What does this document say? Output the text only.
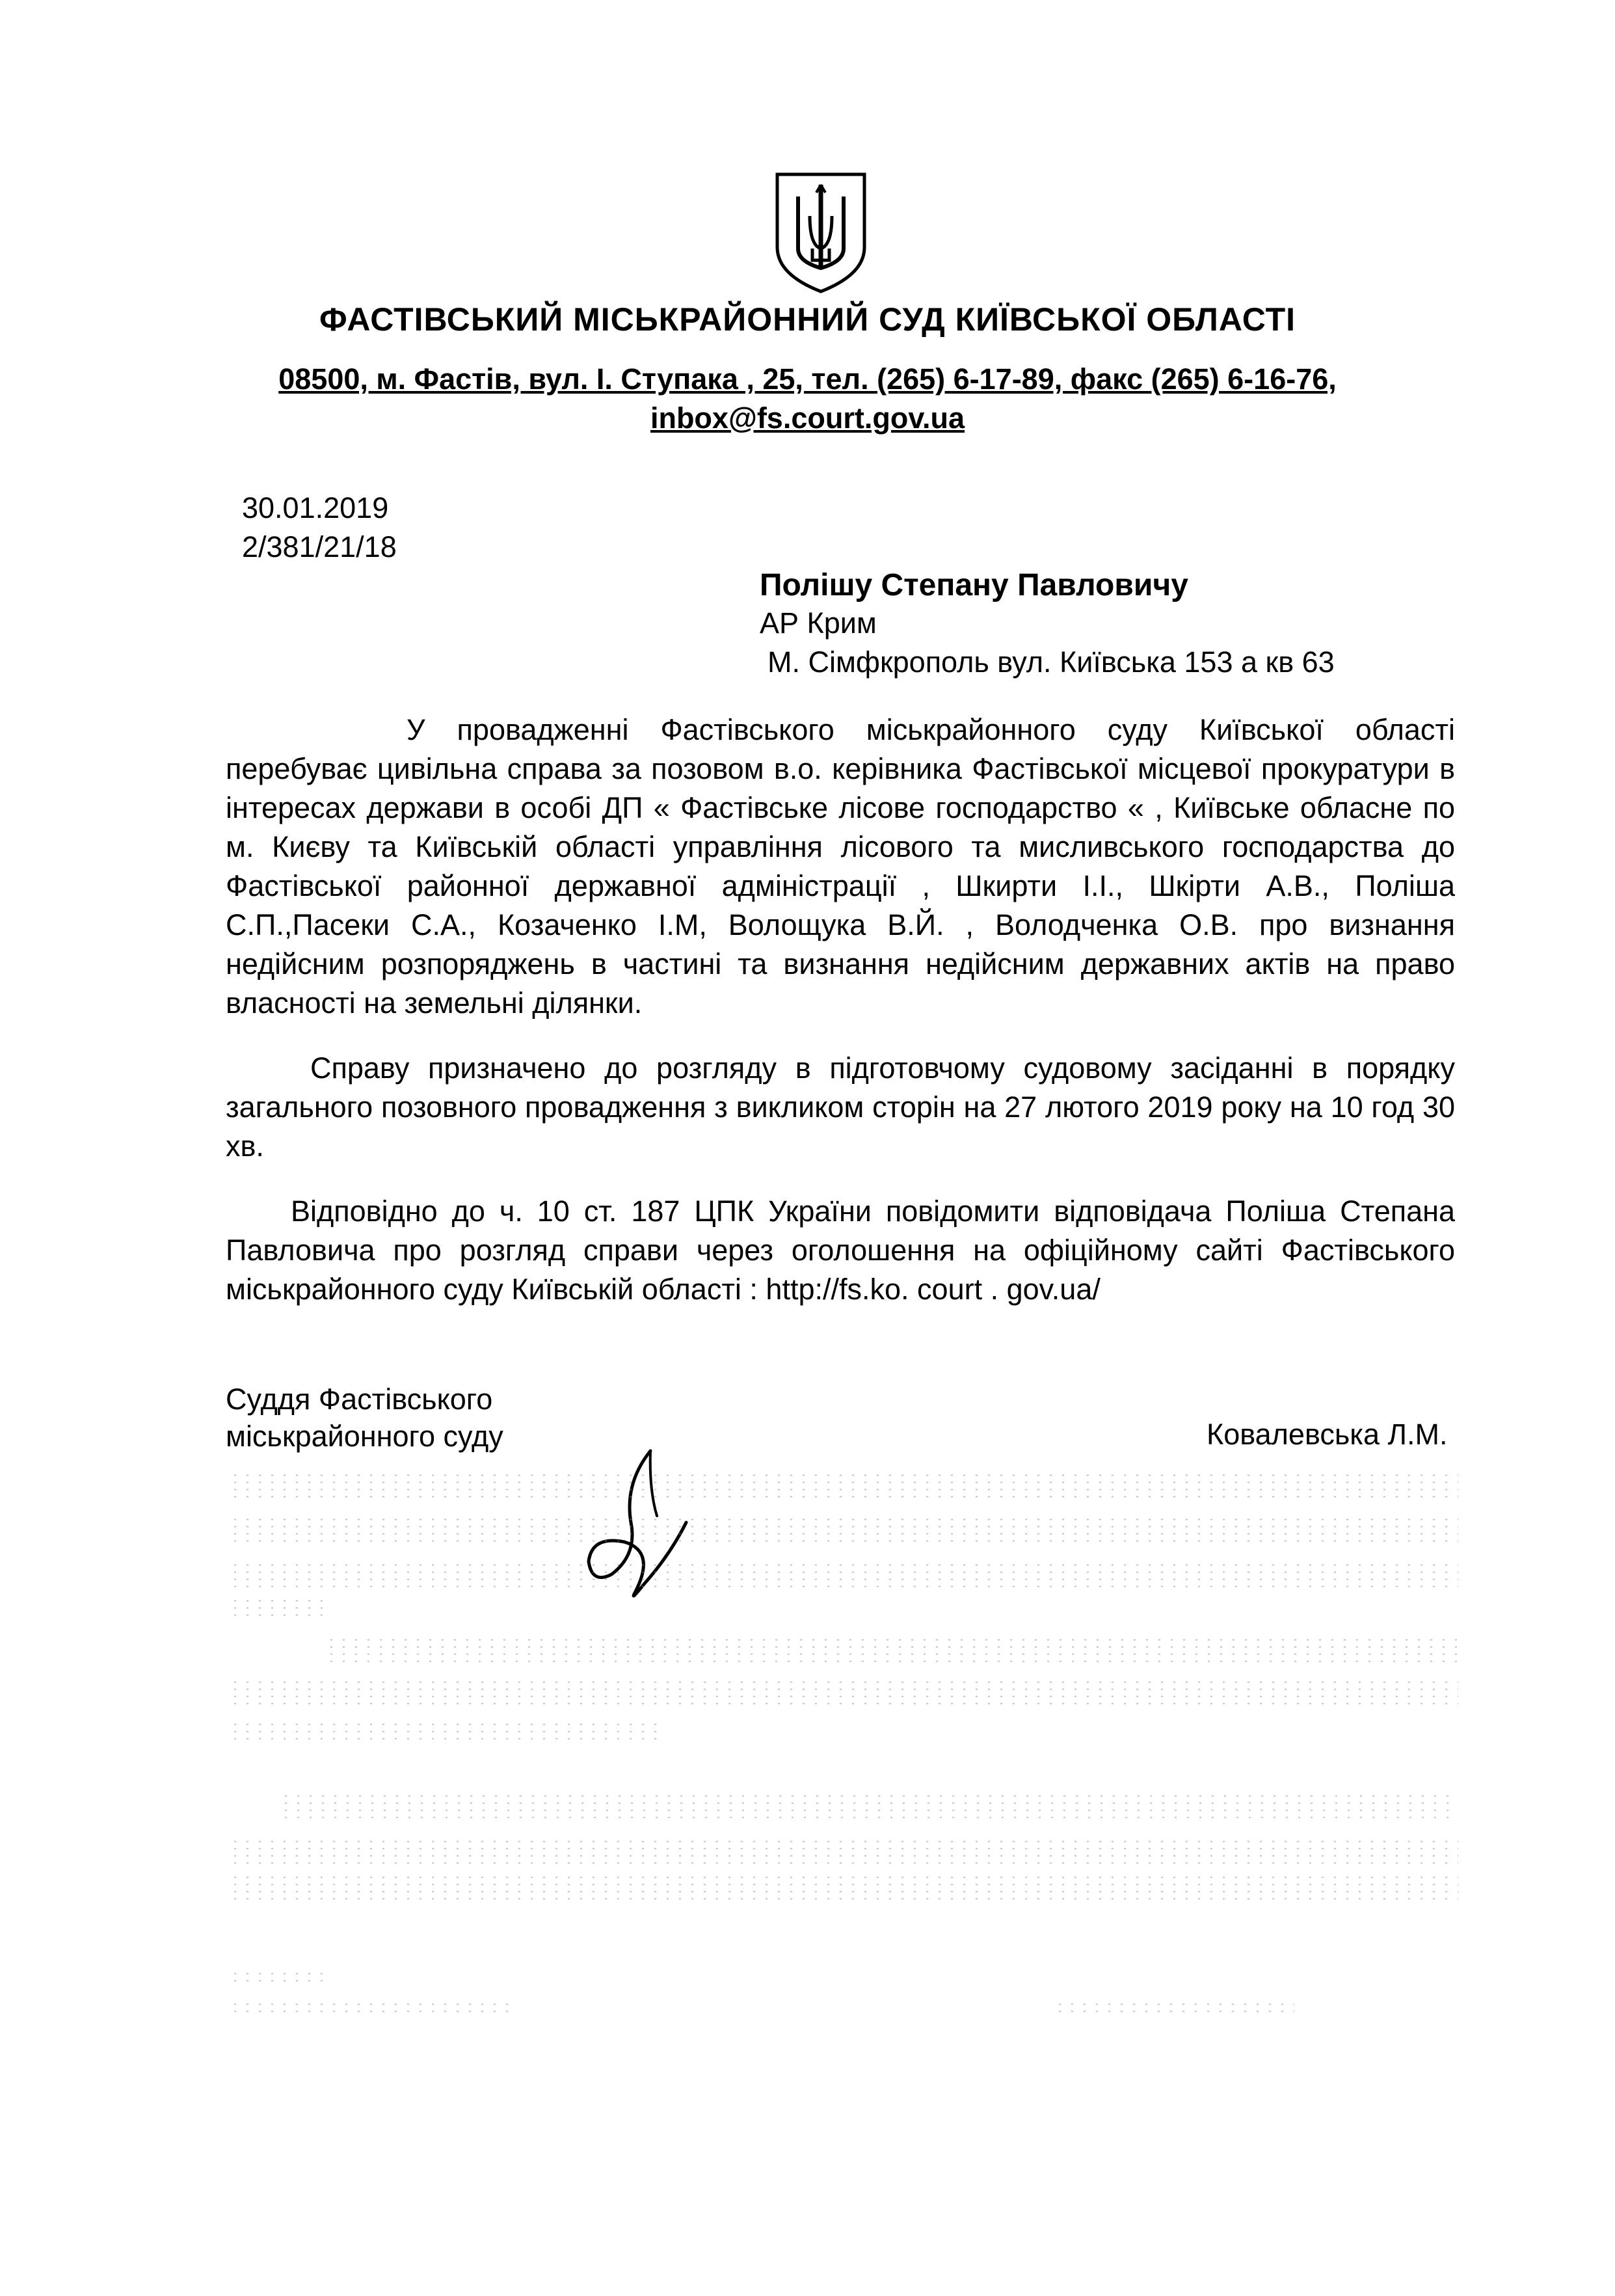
ФАСТІВСЬКИЙ МІСЬКРАЙОННИЙ СУД КИЇВСЬКОЇ ОБЛАСТІ
08500, м. Фастів, вул. І. Ступака , 25, тел. (265) 6-17-89, факс (265) 6-16-76,
inbox@fs.court.gov.ua
30.01.2019
2/381/21/18
Полішу Степану Павловичу
АР Крим
М. Сімфкрополь вул. Київська 153 а кв 63
У провадженні Фастівського міськрайонного суду Київської області перебуває цивільна справа за позовом в.о. керівника Фастівської місцевої прокуратури в інтересах держави в особі ДП « Фастівське лісове господарство « , Київське обласне по м. Києву та Київській області управління лісового та мисливського господарства до Фастівської районної державної адміністрації , Шкирти І.І., Шкірти А.В., Поліша С.П.,Пасеки С.А., Козаченко І.М, Волощука В.Й. , Володченка О.В. про визнання недійсним розпоряджень в частині та визнання недійсним державних актів на право власності на земельні ділянки.
Справу призначено до розгляду в підготовчому судовому засіданні в порядку загального позовного провадження з викликом сторін на 27 лютого 2019 року на 10 год 30 хв.
Відповідно до ч. 10 ст. 187 ЦПК України повідомити відповідача Поліша Степана Павловича про розгляд справи через оголошення на офіційному сайті Фастівського міськрайонного суду Київській області : http://fs.ko. court . gov.ua/
Суддя Фастівського
міськрайонного суду	Ковалевська Л.М.
